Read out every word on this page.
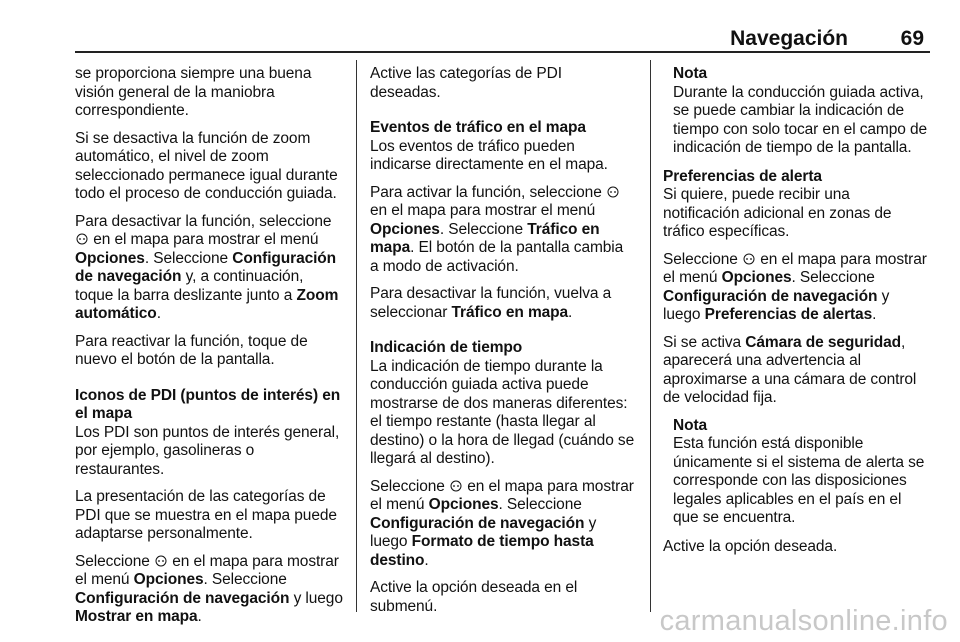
Navegación	69
se proporciona siempre una buena visión general de la maniobra correspondiente.
Si se desactiva la función de zoom automático, el nivel de zoom seleccionado permanece igual durante todo el proceso de conducción guiada.
Para desactivar la función, seleccione  en el mapa para mostrar el menú Opciones. Seleccione Configuración de navegación y, a continuación, toque la barra deslizante junto a Zoom automático.
Para reactivar la función, toque de nuevo el botón de la pantalla.
Iconos de PDI (puntos de interés) en el mapa
Los PDI son puntos de interés general, por ejemplo, gasolineras o restaurantes.
La presentación de las categorías de PDI que se muestra en el mapa puede adaptarse personalmente.
Seleccione en el mapa para mostrar el menú Opciones. Seleccione Configuración de navegación y luego Mostrar en mapa.
Active las categorías de PDI deseadas.
Eventos de tráfico en el mapa
Los eventos de tráfico pueden indicarse directamente en el mapa.
Para activar la función, seleccione  en el mapa para mostrar el menú Opciones. Seleccione Tráfico en mapa. El botón de la pantalla cambia a modo de activación.
Para desactivar la función, vuelva a seleccionar Tráfico en mapa.
Indicación de tiempo
La indicación de tiempo durante la conducción guiada activa puede mostrarse de dos maneras diferentes: el tiempo restante (hasta llegar al destino) o la hora de llegad (cuándo se llegará al destino).
Seleccione en el mapa para mostrar el menú Opciones. Seleccione Configuración de navegación y luego Formato de tiempo hasta destino.
Active la opción deseada en el submenú.
Nota
Durante la conducción guiada activa, se puede cambiar la indicación de tiempo con solo tocar en el campo de indicación de tiempo de la pantalla.
Preferencias de alerta
Si quiere, puede recibir una notificación adicional en zonas de tráfico específicas.
Seleccione en el mapa para mostrar el menú Opciones. Seleccione Configuración de navegación y luego Preferencias de alertas.
Si se activa Cámara de seguridad, aparecerá una advertencia al aproximarse a una cámara de control de velocidad fija.
Nota
Esta función está disponible únicamente si el sistema de alerta se corresponde con las disposiciones legales aplicables en el país en el que se encuentra.
Active la opción deseada.
carmanualsonline.info
